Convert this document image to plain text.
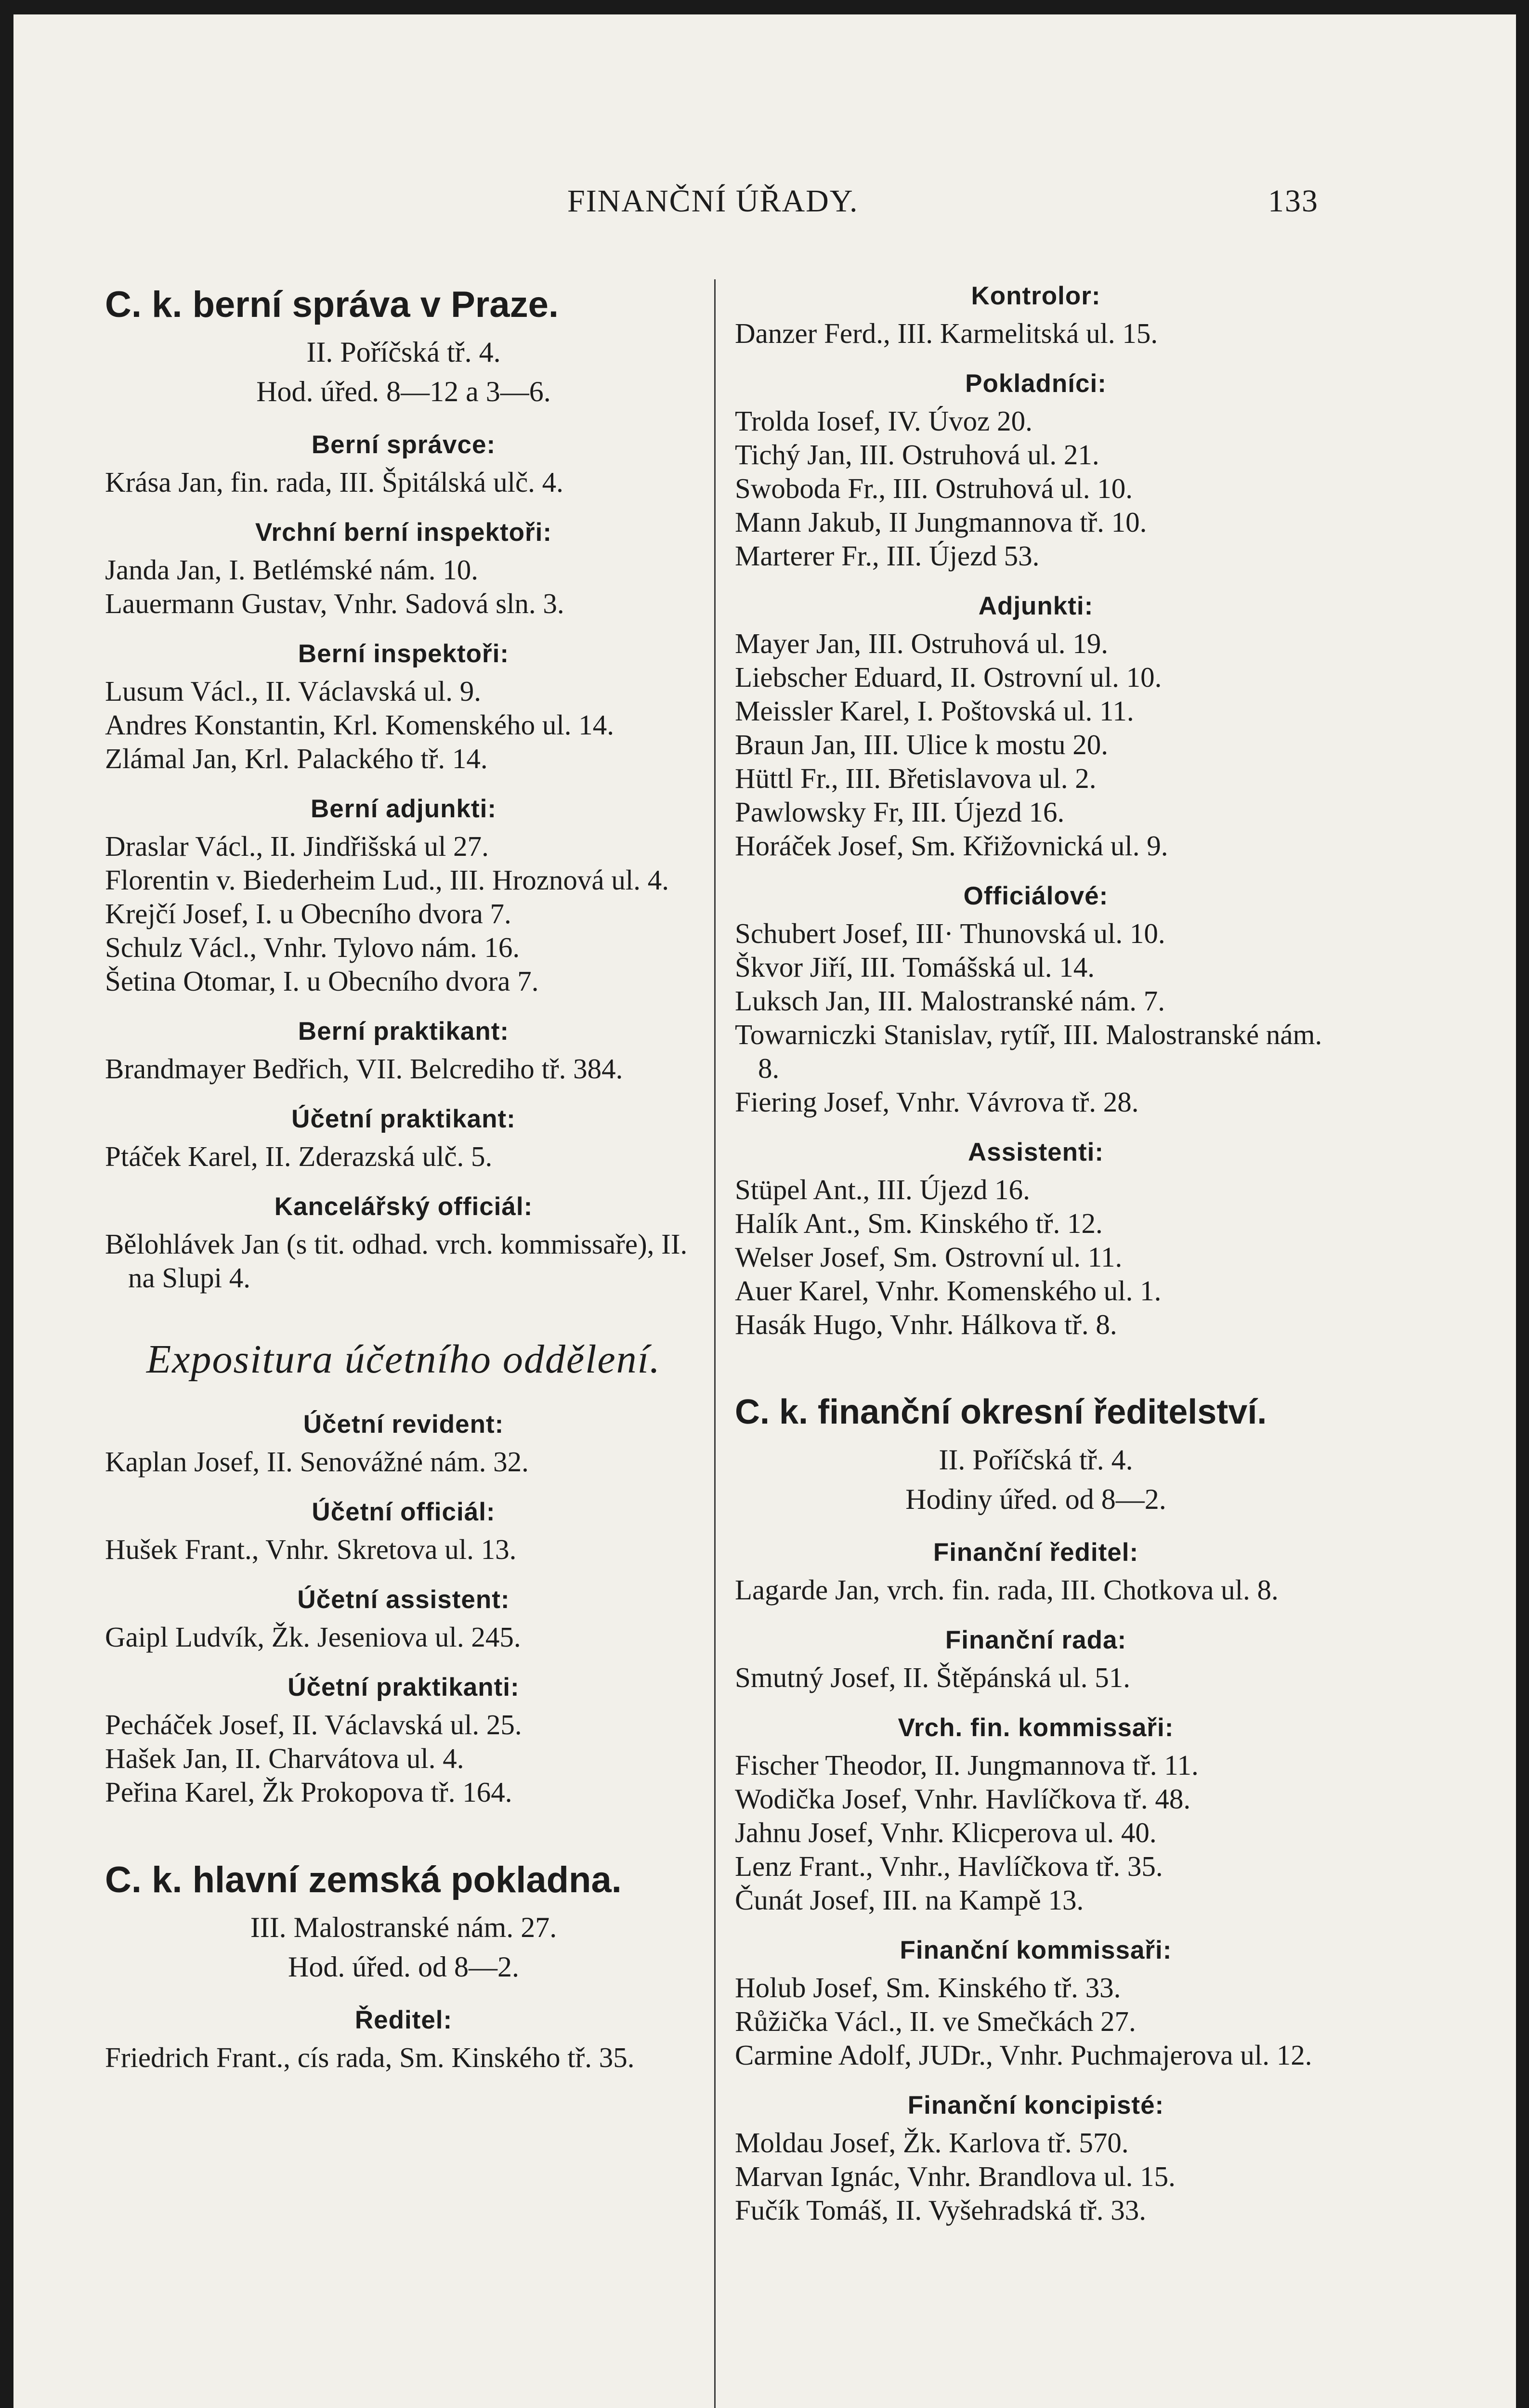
FINANČNÍ ÚŘADY.	133

C. k. berní správa v Praze.

II. Poříčská tř. 4.

Hod. úřed. 8—12 a 3—6.

Berní správce:

Krása Jan, fin. rada, III. Špitálská ulč. 4.

Vrchní berní inspektoři:

Janda Jan, I. Betlémské nám. 10.

Lauermann Gustav, Vnhr. Sadová sln. 3.

Berní inspektoři:

Lusum Václ., II. Václavská ul. 9.

Andres Konstantin, Krl. Komenského ul. 14.

Zlámal Jan, Krl. Palackého tř. 14.

Berní adjunkti:

Draslar Václ., II. Jindřišská ul 27.

Florentin v. Biederheim Lud., III. Hroznová ul. 4.

Krejčí Josef, I. u Obecního dvora 7.

Schulz Václ., Vnhr. Tylovo nám. 16.

Šetina Otomar, I. u Obecního dvora 7.

Berní praktikant:

Brandmayer Bedřich, VII. Belcrediho tř. 384.

Účetní praktikant:

Ptáček Karel, II. Zderazská ulč. 5.

Kancelářský officiál:

Bělohlávek Jan (s tit. odhad. vrch. kommissaře), II. na Slupi 4.

Expositura účetního oddělení.

Účetní revident:

Kaplan Josef, II. Senovážné nám. 32.

Účetní officiál:

Hušek Frant., Vnhr. Skretova ul. 13.

Účetní assistent:

Gaipl Ludvík, Žk. Jeseniova ul. 245.

Účetní praktikanti:

Pecháček Josef, II. Václavská ul. 25.

Hašek Jan, II. Charvátova ul. 4.

Peřina Karel, Žk Prokopova tř. 164.

C. k. hlavní zemská pokladna.

III. Malostranské nám. 27.

Hod. úřed. od 8—2.

Ředitel:

Friedrich Frant., cís rada, Sm. Kinského tř. 35.

Kontrolor:

Danzer Ferd., III. Karmelitská ul. 15.

Pokladníci:

Trolda Iosef, IV. Úvoz 20.

Tichý Jan, III. Ostruhová ul. 21.

Swoboda Fr., III. Ostruhová ul. 10.

Mann Jakub, II Jungmannova tř. 10.

Marterer Fr., III. Újezd 53.

Adjunkti:

Mayer Jan, III. Ostruhová ul. 19.

Liebscher Eduard, II. Ostrovní ul. 10.

Meissler Karel, I. Poštovská ul. 11.

Braun Jan, III. Ulice k mostu 20.

Hüttl Fr., III. Břetislavova ul. 2.

Pawlowsky Fr, III. Újezd 16.

Horáček Josef, Sm. Křižovnická ul. 9.

Officiálové:

Schubert Josef, III· Thunovská ul. 10.

Škvor Jiří, III. Tomášská ul. 14.

Luksch Jan, III. Malostranské nám. 7.

Towarniczki Stanislav, rytíř, III. Malostranské nám. 8.

Fiering Josef, Vnhr. Vávrova tř. 28.

Assistenti:

Stüpel Ant., III. Újezd 16.

Halík Ant., Sm. Kinského tř. 12.

Welser Josef, Sm. Ostrovní ul. 11.

Auer Karel, Vnhr. Komenského ul. 1.

Hasák Hugo, Vnhr. Hálkova tř. 8.

C. k. finanční okresní ředitelství.

II. Poříčská tř. 4.

Hodiny úřed. od 8—2.

Finanční ředitel:

Lagarde Jan, vrch. fin. rada, III. Chotkova ul. 8.

Finanční rada:

Smutný Josef, II. Štěpánská ul. 51.

Vrch. fin. kommissaři:

Fischer Theodor, II. Jungmannova tř. 11.

Wodička Josef, Vnhr. Havlíčkova tř. 48.

Jahnu Josef, Vnhr. Klicperova ul. 40.

Lenz Frant., Vnhr., Havlíčkova tř. 35.

Čunát Josef, III. na Kampě 13.

Finanční kommissaři:

Holub Josef, Sm. Kinského tř. 33.

Růžička Václ., II. ve Smečkách 27.

Carmine Adolf, JUDr., Vnhr. Puchmajerova ul. 12.

Finanční koncipisté:

Moldau Josef, Žk. Karlova tř. 570.

Marvan Ignác, Vnhr. Brandlova ul. 15.

Fučík Tomáš, II. Vyšehradská tř. 33.
